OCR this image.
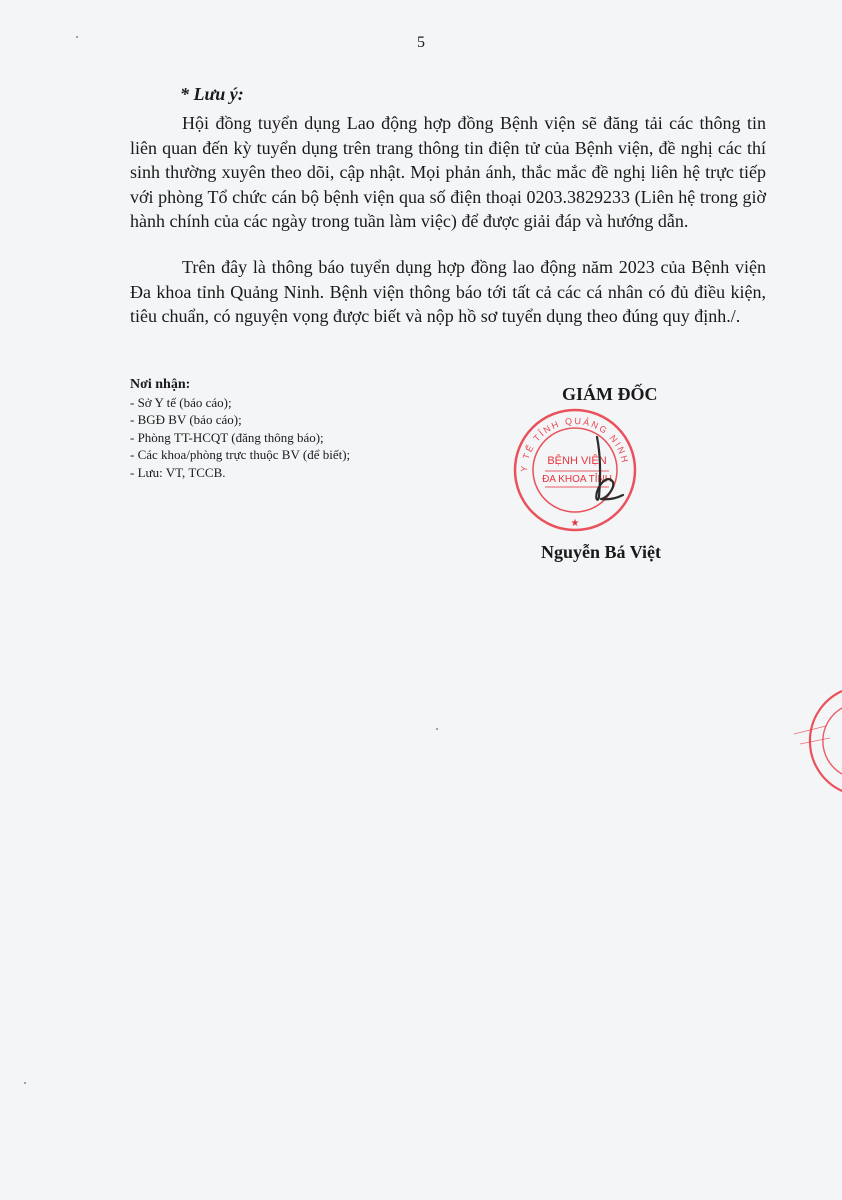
5
* Lưu ý:

Hội đồng tuyển dụng Lao động hợp đồng Bệnh viện sẽ đăng tải các thông tin liên quan đến kỳ tuyển dụng trên trang thông tin điện tử của Bệnh viện, đề nghị các thí sinh thường xuyên theo dõi, cập nhật. Mọi phản ánh, thắc mắc đề nghị liên hệ trực tiếp với phòng Tổ chức cán bộ bệnh viện qua số điện thoại 0203.3829233 (Liên hệ trong giờ hành chính của các ngày trong tuần làm việc) để được giải đáp và hướng dẫn.

Trên đây là thông báo tuyển dụng hợp đồng lao động năm 2023 của Bệnh viện Đa khoa tỉnh Quảng Ninh. Bệnh viện thông báo tới tất cả các cá nhân có đủ điều kiện, tiêu chuẩn, có nguyện vọng được biết và nộp hồ sơ tuyển dụng theo đúng quy định./.

Nơi nhận:
- Sở Y tế (báo cáo);
- BGĐ BV (báo cáo);
- Phòng TT-HCQT (đăng thông báo);
- Các khoa/phòng trực thuộc BV (để biết);
- Lưu: VT, TCCB.
GIÁM ĐỐC
Y TẾ TỈNH QUẢNG NINH
BỆNH VIỆN
ĐA KHOA TỈNH
★
Nguyễn Bá Việt
